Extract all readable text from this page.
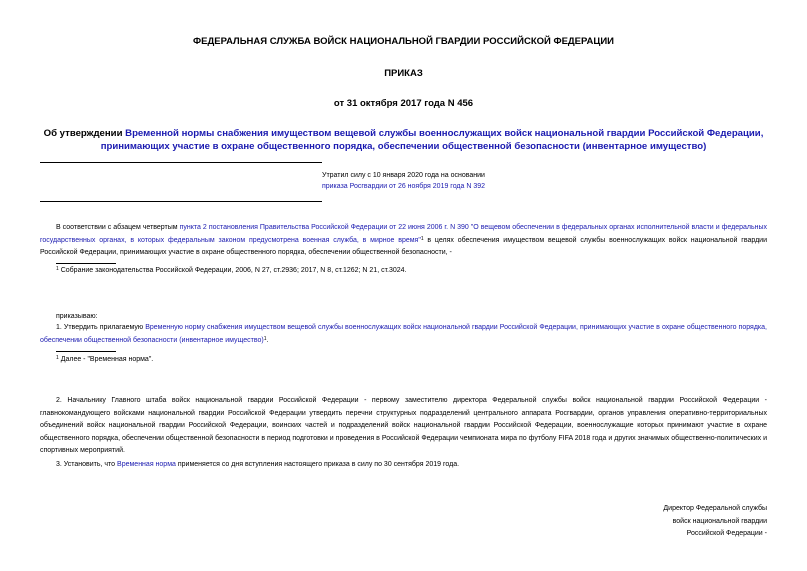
ФЕДЕРАЛЬНАЯ СЛУЖБА ВОЙСК НАЦИОНАЛЬНОЙ ГВАРДИИ РОССИЙСКОЙ ФЕДЕРАЦИИ
ПРИКАЗ
от 31 октября 2017 года N 456
Об утверждении Временной нормы снабжения имуществом вещевой службы военнослужащих войск национальной гвардии Российской Федерации, принимающих участие в охране общественного порядка, обеспечении общественной безопасности (инвентарное имущество)
Утратил силу с 10 января 2020 года на основании
приказа Росгвардии от 26 ноября 2019 года N 392
В соответствии с абзацем четвертым пункта 2 постановления Правительства Российской Федерации от 22 июня 2006 г. N 390 "О вещевом обеспечении в федеральных органах исполнительной власти и федеральных государственных органах, в которых федеральным законом предусмотрена военная служба, в мирное время"$^1$ в целях обеспечения имуществом вещевой службы военнослужащих войск национальной гвардии Российской Федерации, принимающих участие в охране общественного порядка, обеспечении общественной безопасности, -
$^1$ Собрание законодательства Российской Федерации, 2006, N 27, ст.2936; 2017, N 8, ст.1262; N 21, ст.3024.
приказываю:
1. Утвердить прилагаемую Временную норму снабжения имуществом вещевой службы военнослужащих войск национальной гвардии Российской Федерации, принимающих участие в охране общественного порядка, обеспечении общественной безопасности (инвентарное имущество)$^1$.
$^1$ Далее - "Временная норма".
2. Начальнику Главного штаба войск национальной гвардии Российской Федерации - первому заместителю директора Федеральной службы войск национальной гвардии Российской Федерации - главнокомандующего войсками национальной гвардии Российской Федерации утвердить перечни структурных подразделений центрального аппарата Росгвардии, органов управления оперативно-территориальных объединений войск национальной гвардии Российской Федерации, воинских частей и подразделений войск национальной гвардии Российской Федерации, военнослужащие которых принимают участие в охране общественного порядка, обеспечении общественной безопасности в период подготовки и проведения в Российской Федерации чемпионата мира по футболу FIFA 2018 года и других значимых общественно-политических и спортивных мероприятий.
3. Установить, что Временная норма применяется со дня вступления настоящего приказа в силу по 30 сентября 2019 года.
Директор Федеральной службы
войск национальной гвардии
Российской Федерации -
